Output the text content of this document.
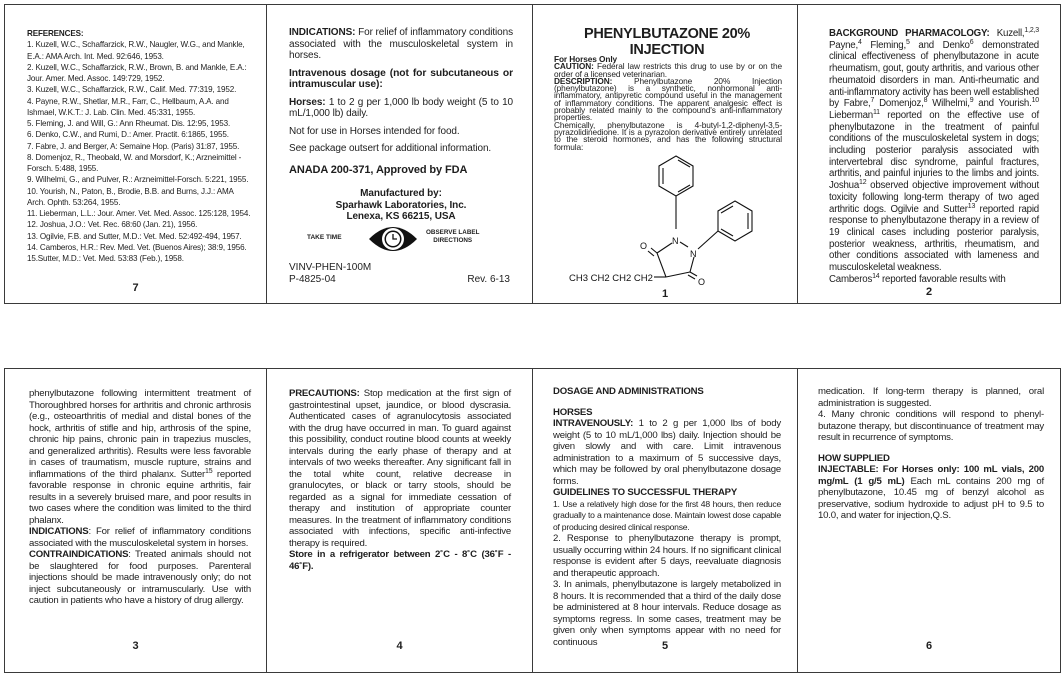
REFERENCES:
1. Kuzell, W.C., Schaffarzick, R.W., Naugler, W.G., and Mankle, E.A.: AMA Arch. Int. Med. 92:646, 1953.
2. Kuzell, W.C., Schaffarzick, R.W., Brown, B. and Mankle, E.A.: Jour. Amer. Med. Assoc. 149:729, 1952.
3. Kuzell, W.C., Schaffarzick, R.W., Calif. Med. 77:319, 1952.
4. Payne, R.W., Shetlar, M.R., Farr, C., Hellbaum, A.A. and Ishmael, W.K.T.: J. Lab. Clin. Med. 45:331, 1955.
5. Fleming, J. and Will, G.: Ann Rheumat. Dis. 12:95, 1953.
6. Denko, C.W., and Rumi, D.: Amer. Practit. 6:1865, 1955.
7. Fabre, J. and Berger, A: Semaine Hop. (Paris) 31:87, 1955.
8. Domenjoz, R., Theobald, W. and Morsdorf, K.; Arzneimittel - Forsch. 5:488, 1955.
9. Wilhelmi, G., and Pulver, R.: Arzneimittel-Forsch. 5:221, 1955.
10. Yourish, N., Paton, B., Brodie, B.B. and Burns, J.J.: AMA Arch. Ophth. 53:264, 1955.
11. Lieberman, L.L.: Jour. Amer. Vet. Med. Assoc. 125:128, 1954.
12. Joshua, J.O.: Vet. Rec. 68:60 (Jan. 21), 1956.
13. Ogilvie, F.B. and Sutter, M.D.: Vet. Med. 52:492-494, 1957.
14. Camberos, H.R.: Rev. Med. Vet. (Buenos Aires); 38:9, 1956.
15.Sutter, M.D.: Vet. Med. 53:83 (Feb.), 1958.
7

INDICATIONS: For relief of inflammatory conditions associated with the musculoskeletal system in horses.

Intravenous dosage (not for subcutaneous or intramuscular use):

Horses: 1 to 2 g per 1,000 lb body weight (5 to 10 mL/1,000 lb) daily.

Not for use in Horses intended for food.

See package outsert for additional information.

ANADA 200-371, Approved by FDA

Manufactured by:
Sparhawk Laboratories, Inc.
Lenexa, KS 66215, USA
TAKE TIME
OBSERVE LABEL
DIRECTIONS
VINV-PHEN-100M
P-4825-04	Rev. 6-13
PHENYLBUTAZONE 20% INJECTION
For Horses Only
CAUTION: Federal law restricts this drug to use by or on the order of a licensed veterinarian.
DESCRIPTION: Phenylbutazone 20% Injection (phenylbutazone) is a synthetic, nonhormonal anti-inflammatory, antipyretic compound useful in the management of inflammatory conditions. The apparent analgesic effect is probably related mainly to the compound's anti-inflammatory properties.
Chemically, phenylbutazone is 4-butyl-1,2-diphenyl-3,5-pyrazolidinedione. It is a pyrazolon derivative entirely unrelated to the steroid hormones, and has the following structural formula:
N
N
O
O
CH3 CH2 CH2 CH2
1
BACKGROUND PHARMACOLOGY: Kuzell,$^{1,2,3}$ Payne,$^4$ Fleming,$^5$ and Denko$^6$ demonstrated clinical effectiveness of phenylbutazone in acute rheumatism, gout, gouty arthritis, and various other rheumatoid disorders in man. Anti-rheumatic and anti-inflammatory activity has been well established by Fabre,$^7$ Domenjoz,$^8$ Wilhelmi,$^9$ and Yourish.$^{10}$ Lieberman$^{11}$ reported on the effective use of phenylbutazone in the treatment of painful conditions of the musculoskeletal system in dogs; including posterior paralysis associated with intervertebral disc syndrome, painful fractures, arthritis, and painful injuries to the limbs and joints. Joshua$^{12}$ observed objective improvement without toxicity following long-term therapy of two aged arthritic dogs. Ogilvie and Sutter$^{13}$ reported rapid response to phenylbutazone therapy in a review of 19 clinical cases including posterior paralysis, posterior weakness, arthritis, rheumatism, and other conditions associated with lameness and musculoskeletal weakness.
Camberos$^{14}$ reported favorable results with
2
phenylbutazone following intermittent treatment of Thoroughbred horses for arthritis and chronic arthrosis (e.g., osteoarthritis of medial and distal bones of the hock, arthritis of stifle and hip, arthrosis of the spine, chronic hip pains, chronic pain in trapezius muscles, and generalized arthritis). Results were less favorable in cases of traumatism, muscle rupture, strains and inflammations of the third phalanx. Sutter$^{15}$ reported favorable response in chronic equine arthritis, fair results in a severely bruised mare, and poor results in two cases where the condition was limited to the third phalanx.
INDICATIONS: For relief of inflammatory conditions associated with the musculoskeletal system in horses.
CONTRAINDICATIONS: Treated animals should not be slaughtered for food purposes. Parenteral injections should be made intravenously only; do not inject subcutaneously or intramuscularly. Use with caution in patients who have a history of drug allergy.
3
PRECAUTIONS: Stop medication at the first sign of gastrointestinal upset, jaundice, or blood dyscrasia. Authenticated cases of agranulocytosis associated with the drug have occurred in man. To guard against this possibility, conduct routine blood counts at weekly intervals during the early phase of therapy and at intervals of two weeks thereafter. Any significant fall in the total white count, relative decrease in granulocytes, or black or tarry stools, should be regarded as a signal for immediate cessation of therapy and institution of appropriate counter measures. In the treatment of inflammatory conditions associated with infections, specific anti-infective therapy is required.
Store in a refrigerator between 2˚C - 8˚C (36˚F - 46˚F).
4
DOSAGE AND ADMINISTRATIONS
HORSES
INTRAVENOUSLY: 1 to 2 g per 1,000 lbs of body weight (5 to 10 mL/1,000 lbs) daily. Injection should be given slowly and with care. Limit intravenous administration to a maximum of 5 successive days, which may be followed by oral phenylbutazone dosage forms.
GUIDELINES TO SUCCESSFUL THERAPY
1. Use a relatively high dose for the first 48 hours, then reduce gradually to a maintenance dose. Maintain lowest dose capable of producing desired clinical response.
2. Response to phenylbutazone therapy is prompt, usually occurring within 24 hours. If no significant clinical response is evident after 5 days, reevaluate diagnosis and therapeutic approach.
3. In animals, phenylbutazone is largely metabolized in 8 hours. It is recommended that a third of the daily dose be administered at 8 hour intervals. Reduce dosage as symptoms regress. In some cases, treatment may be given only when symptoms appear with no need for continuous	5
medication. If long-term therapy is planned, oral administration is suggested.
4. Many chronic conditions will respond to phenyl-butazone therapy, but discontinuance of treatment may result in recurrence of symptoms.
HOW SUPPLIED
INJECTABLE: For Horses only: 100 mL vials, 200 mg/mL (1 g/5 mL) Each mL contains 200 mg of phenylbutazone, 10.45 mg of benzyl alcohol as preservative, sodium hydroxide to adjust pH to 9.5 to 10.0, and water for injection,Q.S.
6
